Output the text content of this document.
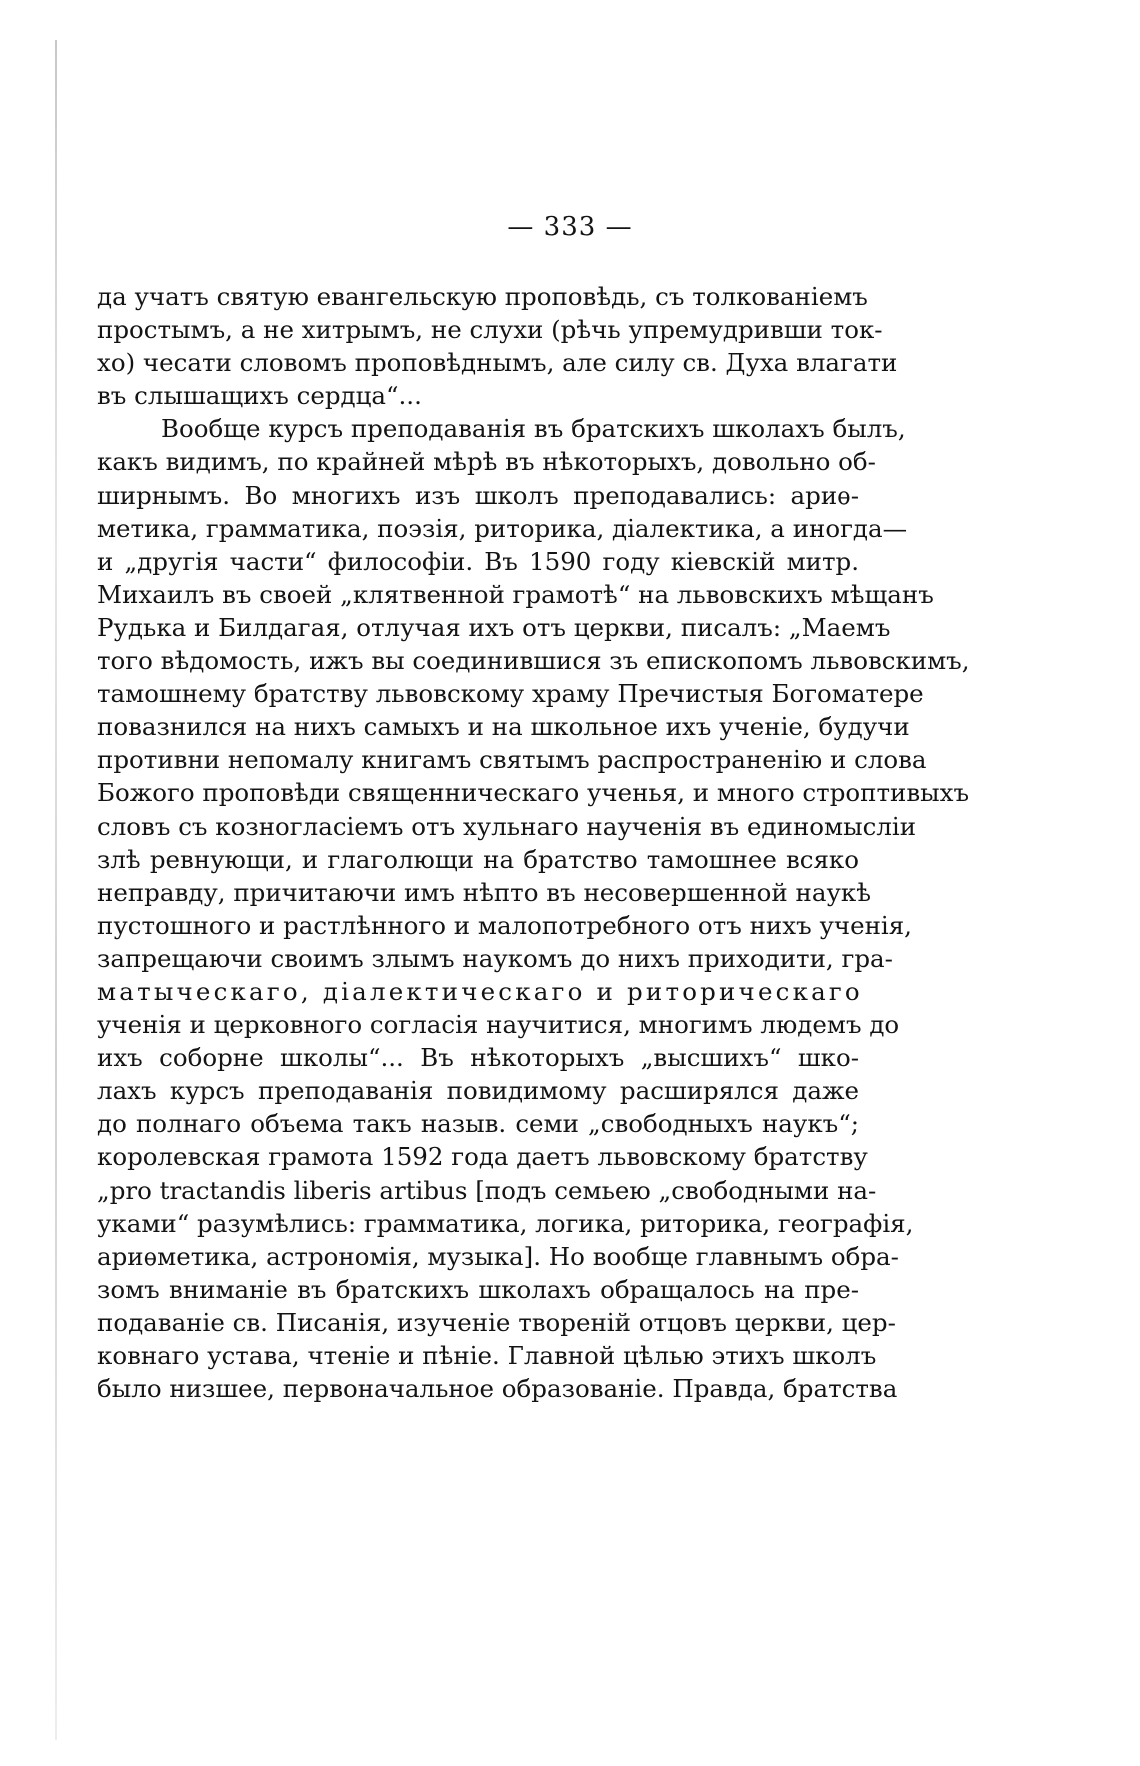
— 333 —
да учатъ святую евангельскую проповѣдь, съ толкованіемъ
простымъ, а не хитрымъ, не слухи (рѣчь упремудривши ток-
хо) чесати словомъ проповѣднымъ, але силу св. Духа влагати
въ слышащихъ сердца“...
Вообще курсъ преподаванія въ братскихъ школахъ былъ,
какъ видимъ, по крайней мѣрѣ въ нѣкоторыхъ, довольно об-
ширнымъ. Во многихъ изъ школъ преподавались: ариѳ-
метика, грамматика, поэзія, риторика, діалектика, а иногда—
и „другія части“ философіи. Въ 1590 году кіевскій митр.
Михаилъ въ своей „клятвенной грамотѣ“ на львовскихъ мѣщанъ
Рудька и Билдагая, отлучая ихъ отъ церкви, писалъ: „Маемъ
того вѣдомость, ижъ вы соединившися зъ епископомъ львовскимъ,
тамошнему братству львовскому храму Пречистыя Богоматере
повазнился на нихъ самыхъ и на школьное ихъ ученіе, будучи
противни непомалу книгамъ святымъ распространенію и слова
Божого проповѣди священническаго ученья, и много строптивыхъ
словъ съ козногласіемъ отъ хульнаго наученія въ единомысліи
злѣ ревнующи, и глаголющи на братство тамошнее всяко
неправду, причитаючи имъ нѣпто въ несовершенной наукѣ
пустошного и растлѣнного и малопотребного отъ нихъ ученія,
запрещаючи своимъ злымъ наукомъ до нихъ приходити, гра-
матыческаго, діалектическаго и риторическаго
ученія и церковного согласія научитися, многимъ людемъ до
ихъ соборне школы“... Въ нѣкоторыхъ „высшихъ“ шко-
лахъ курсъ преподаванія повидимому расширялся даже
до полнаго объема такъ назыв. семи „свободныхъ наукъ“;
королевская грамота 1592 года даетъ львовскому братству
„pro tractandis liberis artibus [подъ семьею „свободными на-
уками“ разумѣлись: грамматика, логика, риторика, географія,
ариѳметика, астрономія, музыка]. Но вообще главнымъ обра-
зомъ вниманіе въ братскихъ школахъ обращалось на пре-
подаваніе св. Писанія, изученіе твореній отцовъ церкви, цер-
ковнаго устава, чтеніе и пѣніе. Главной цѣлью этихъ школъ
было низшее, первоначальное образованіе. Правда, братства
